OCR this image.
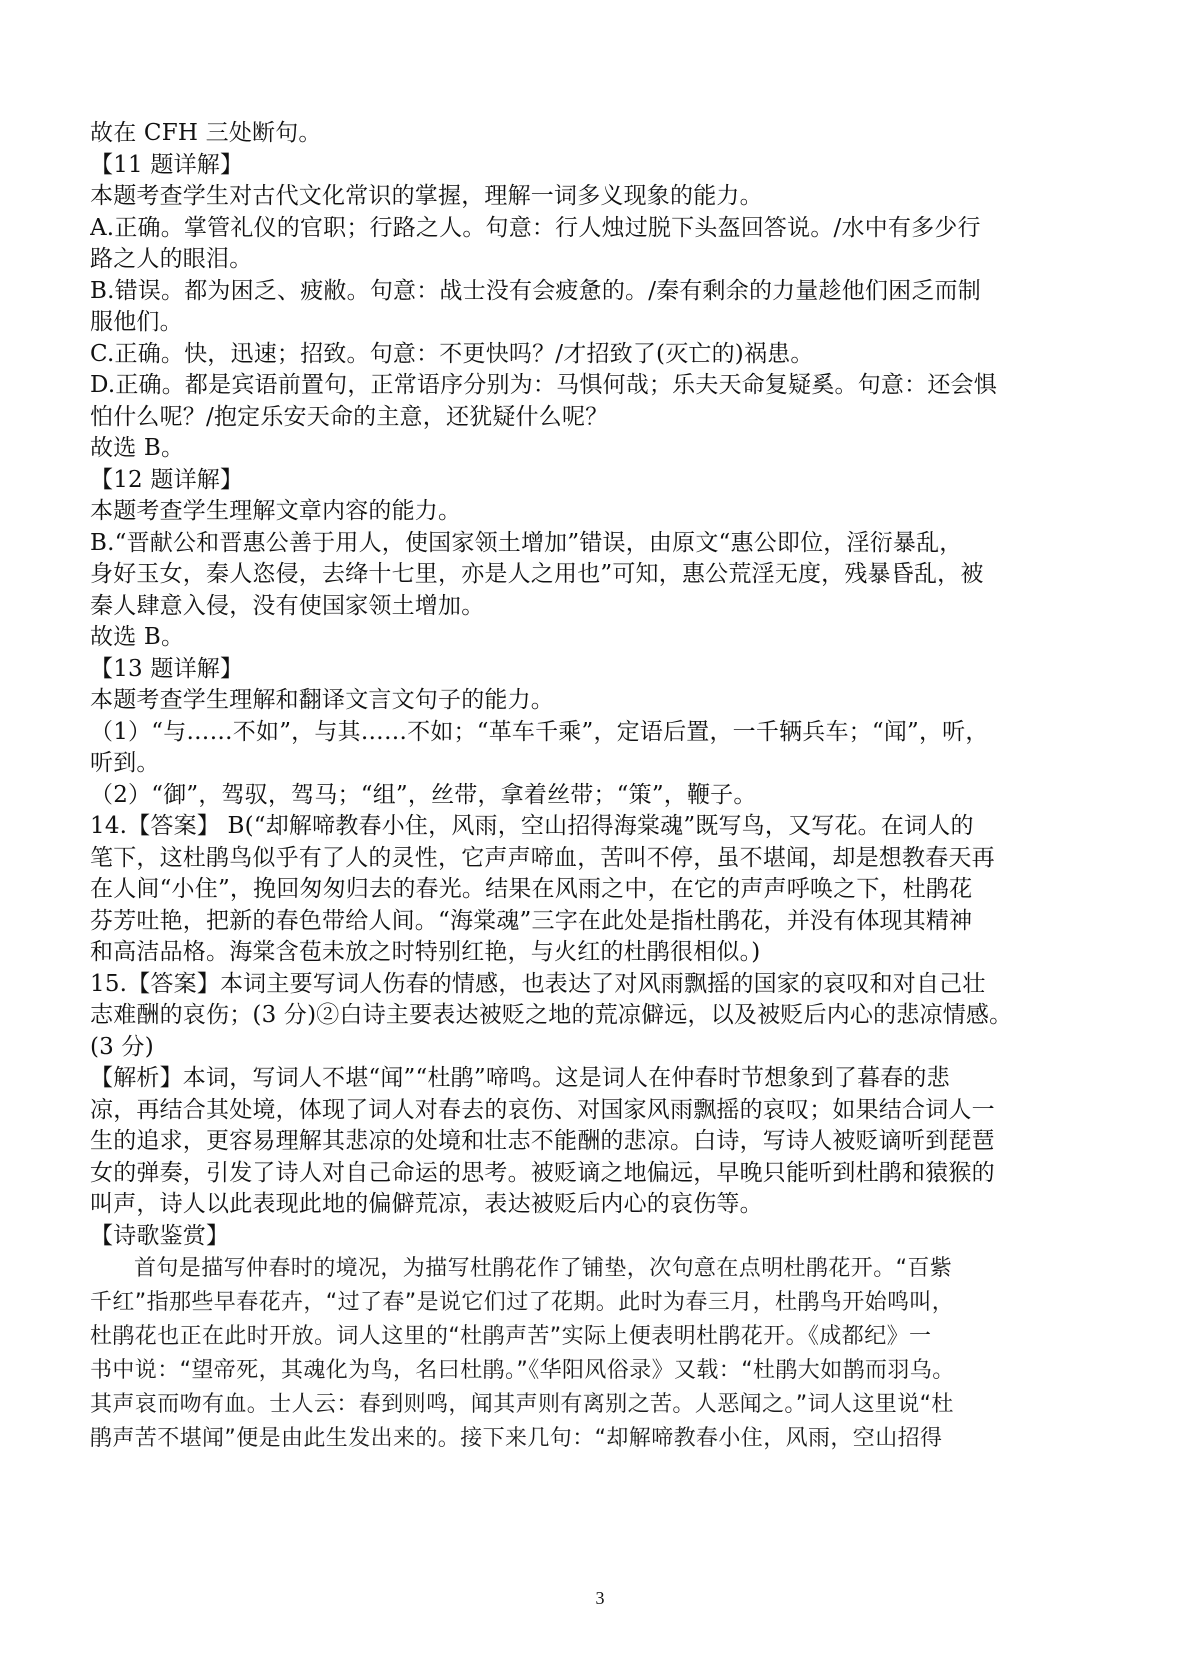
故在 CFH 三处断句。
【11 题详解】
本题考查学生对古代文化常识的掌握，理解一词多义现象的能力。
A.正确。掌管礼仪的官职；行路之人。句意：行人烛过脱下头盔回答说。/水中有多少行
路之人的眼泪。
B.错误。都为困乏、疲敝。句意：战士没有会疲惫的。/秦有剩余的力量趁他们困乏而制
服他们。
C.正确。快，迅速；招致。句意：不更快吗？/才招致了(灭亡的)祸患。
D.正确。都是宾语前置句，正常语序分别为：马惧何哉；乐夫天命复疑奚。句意：还会惧
怕什么呢？/抱定乐安天命的主意，还犹疑什么呢？
故选 B。
【12 题详解】
本题考查学生理解文章内容的能力。
B.“晋献公和晋惠公善于用人，使国家领土增加”错误，由原文“惠公即位，淫衍暴乱，
身好玉女，秦人恣侵，去绛十七里，亦是人之用也”可知，惠公荒淫无度，残暴昏乱，被
秦人肆意入侵，没有使国家领土增加。
故选 B。
【13 题详解】
本题考查学生理解和翻译文言文句子的能力。
（1）“与……不如”，与其……不如；“革车千乘”，定语后置，一千辆兵车；“闻”，听，
听到。
（2）“御”，驾驭，驾马；“组”，丝带，拿着丝带；“策”，鞭子。
14.【答案】 B(“却解啼教春小住，风雨，空山招得海棠魂”既写鸟，又写花。在词人的
笔下，这杜鹃鸟似乎有了人的灵性，它声声啼血，苦叫不停，虽不堪闻，却是想教春天再
在人间“小住”，挽回匆匆归去的春光。结果在风雨之中，在它的声声呼唤之下，杜鹃花
芬芳吐艳，把新的春色带给人间。“海棠魂”三字在此处是指杜鹃花，并没有体现其精神
和高洁品格。海棠含苞未放之时特别红艳，与火红的杜鹃很相似。)
15.【答案】本词主要写词人伤春的情感，也表达了对风雨飘摇的国家的哀叹和对自己壮
志难酬的哀伤；(3 分)②白诗主要表达被贬之地的荒凉僻远，以及被贬后内心的悲凉情感。
(3 分)
【解析】本词，写词人不堪“闻”“杜鹃”啼鸣。这是词人在仲春时节想象到了暮春的悲
凉，再结合其处境，体现了词人对春去的哀伤、对国家风雨飘摇的哀叹；如果结合词人一
生的追求，更容易理解其悲凉的处境和壮志不能酬的悲凉。白诗，写诗人被贬谪听到琵琶
女的弹奏，引发了诗人对自己命运的思考。被贬谪之地偏远，早晚只能听到杜鹃和猿猴的
叫声，诗人以此表现此地的偏僻荒凉，表达被贬后内心的哀伤等。
【诗歌鉴赏】
首句是描写仲春时的境况，为描写杜鹃花作了铺垫，次句意在点明杜鹃花开。“百紫
千红”指那些早春花卉，“过了春”是说它们过了花期。此时为春三月，杜鹃鸟开始鸣叫，
杜鹃花也正在此时开放。词人这里的“杜鹃声苦”实际上便表明杜鹃花开。《成都纪》一
书中说：“望帝死，其魂化为鸟，名曰杜鹃。”《华阳风俗录》又载：“杜鹃大如鹊而羽乌。
其声哀而吻有血。士人云：春到则鸣，闻其声则有离别之苦。人恶闻之。”词人这里说“杜
鹃声苦不堪闻”便是由此生发出来的。接下来几句：“却解啼教春小住，风雨，空山招得
3
